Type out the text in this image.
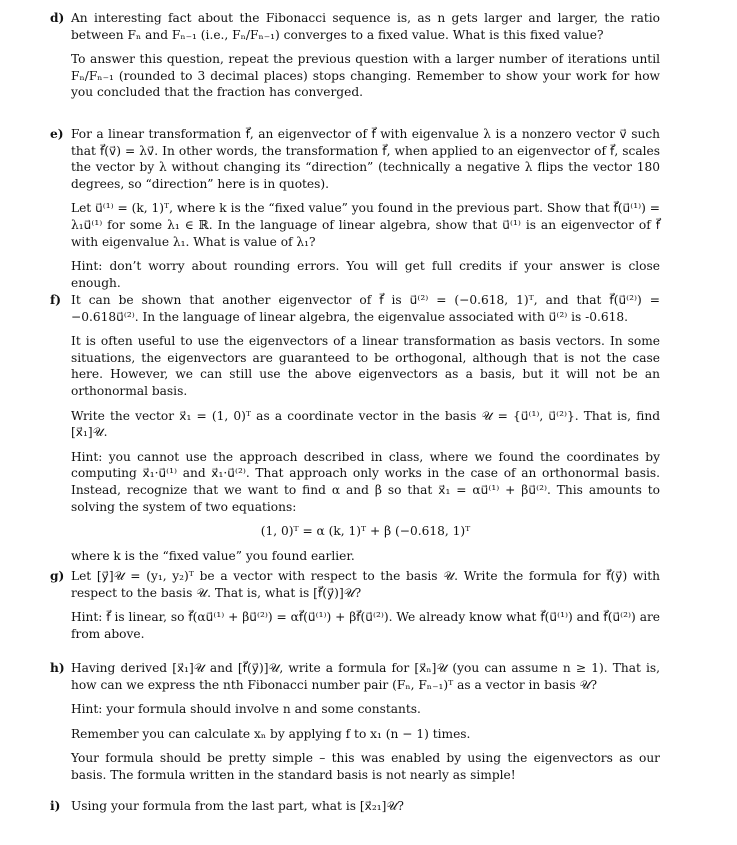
d) An interesting fact about the Fibonacci sequence is, as n gets larger and larger, the ratio between Fₙ and Fₙ₋₁ (i.e., Fₙ/Fₙ₋₁) converges to a fixed value. What is this fixed value?

To answer this question, repeat the previous question with a larger number of iterations until Fₙ/Fₙ₋₁ (rounded to 3 decimal places) stops changing. Remember to show your work for how you concluded that the fraction has converged.

e) For a linear transformation f⃗, an eigenvector of f⃗ with eigenvalue λ is a nonzero vector v⃗ such that f⃗(v⃗) = λv⃗. In other words, the transformation f⃗, when applied to an eigenvector of f⃗, scales the vector by λ without changing its “direction” (technically a negative λ flips the vector 180 degrees, so “direction” here is in quotes).

Let u⃗⁽¹⁾ = (k, 1)ᵀ, where k is the “fixed value” you found in the previous part. Show that f⃗(u⃗⁽¹⁾) = λ₁u⃗⁽¹⁾ for some λ₁ ∈ ℝ. In the language of linear algebra, show that u⃗⁽¹⁾ is an eigenvector of f⃗ with eigenvalue λ₁. What is value of λ₁?

Hint: don’t worry about rounding errors. You will get full credits if your answer is close enough.

f) It can be shown that another eigenvector of f⃗ is u⃗⁽²⁾ = (−0.618, 1)ᵀ, and that f⃗(u⃗⁽²⁾) = −0.618u⃗⁽²⁾. In the language of linear algebra, the eigenvalue associated with u⃗⁽²⁾ is -0.618.

It is often useful to use the eigenvectors of a linear transformation as basis vectors. In some situations, the eigenvectors are guaranteed to be orthogonal, although that is not the case here. However, we can still use the above eigenvectors as a basis, but it will not be an orthonormal basis.

Write the vector x⃗₁ = (1, 0)ᵀ as a coordinate vector in the basis 𝒰 = {u⃗⁽¹⁾, u⃗⁽²⁾}. That is, find [x⃗₁]𝒰.

Hint: you cannot use the approach described in class, where we found the coordinates by computing x⃗₁·u⃗⁽¹⁾ and x⃗₁·u⃗⁽²⁾. That approach only works in the case of an orthonormal basis. Instead, recognize that we want to find α and β so that x⃗₁ = αu⃗⁽¹⁾ + βu⃗⁽²⁾. This amounts to solving the system of two equations:

(1, 0)ᵀ = α (k, 1)ᵀ + β (−0.618, 1)ᵀ

where k is the “fixed value” you found earlier.

g) Let [y⃗]𝒰 = (y₁, y₂)ᵀ be a vector with respect to the basis 𝒰. Write the formula for f⃗(y⃗) with respect to the basis 𝒰. That is, what is [f⃗(y⃗)]𝒰?

Hint: f⃗ is linear, so f⃗(αu⃗⁽¹⁾ + βu⃗⁽²⁾) = αf⃗(u⃗⁽¹⁾) + βf⃗(u⃗⁽²⁾). We already know what f⃗(u⃗⁽¹⁾) and f⃗(u⃗⁽²⁾) are from above.

h) Having derived [x⃗₁]𝒰 and [f⃗(y⃗)]𝒰, write a formula for [x⃗ₙ]𝒰 (you can assume n ≥ 1). That is, how can we express the nth Fibonacci number pair (Fₙ, Fₙ₋₁)ᵀ as a vector in basis 𝒰?

Hint: your formula should involve n and some constants.

Remember you can calculate xₙ by applying f to x₁ (n − 1) times.

Your formula should be pretty simple – this was enabled by using the eigenvectors as our basis. The formula written in the standard basis is not nearly as simple!

i) Using your formula from the last part, what is [x⃗₂₁]𝒰?
